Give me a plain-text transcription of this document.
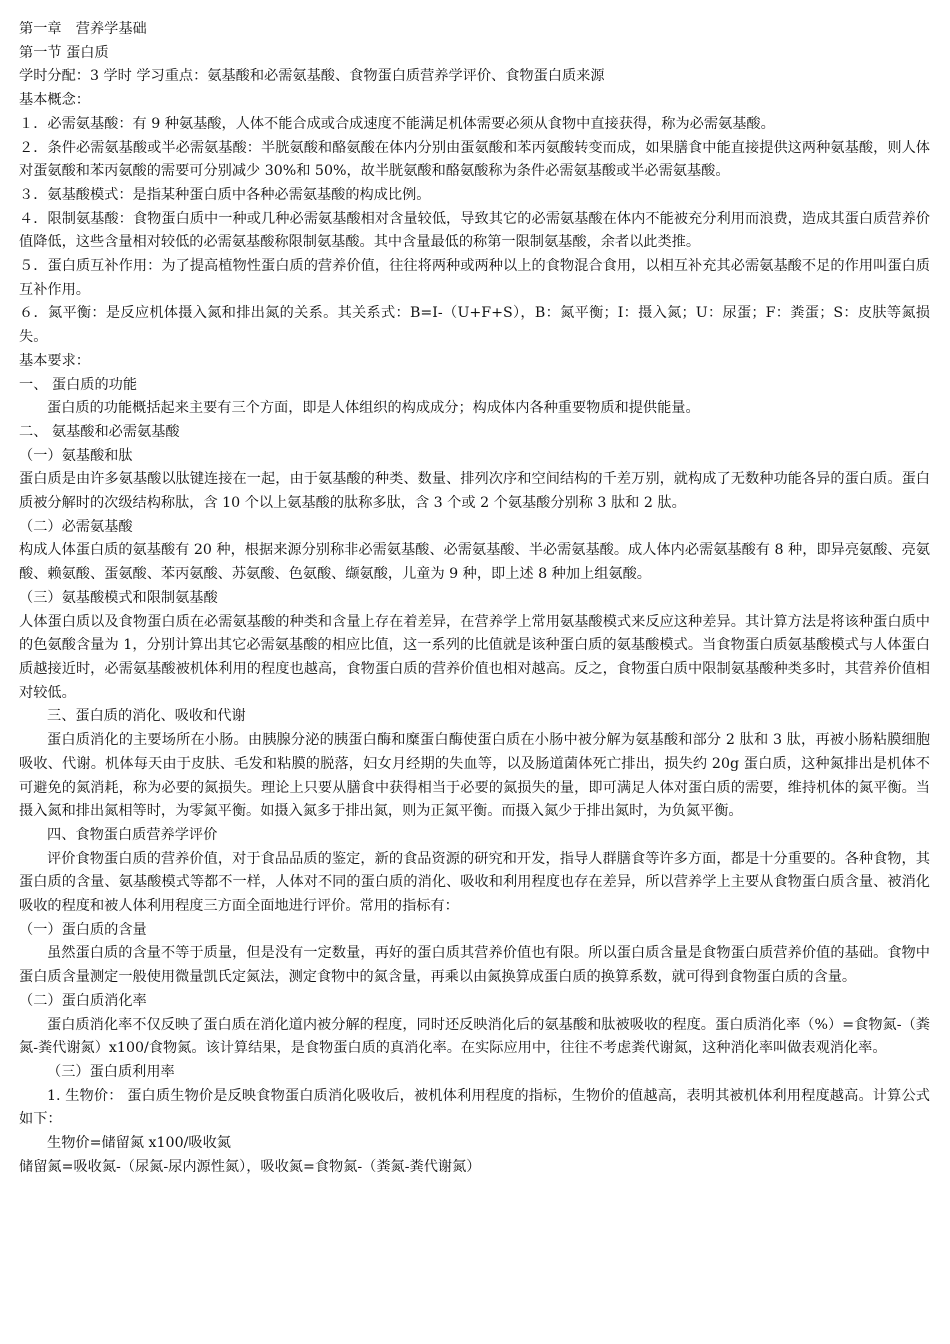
第一章　营养学基础
第一节 蛋白质
学时分配：3 学时 学习重点：氨基酸和必需氨基酸、食物蛋白质营养学评价、食物蛋白质来源
基本概念：
１．必需氨基酸：有 9 种氨基酸，人体不能合成或合成速度不能满足机体需要必须从食物中直接获得，称为必需氨基酸。
２．条件必需氨基酸或半必需氨基酸：半胱氨酸和酪氨酸在体内分别由蛋氨酸和苯丙氨酸转变而成，如果膳食中能直接提供这两种氨基酸，则人体对蛋氨酸和苯丙氨酸的需要可分别减少 30%和 50%，故半胱氨酸和酪氨酸称为条件必需氨基酸或半必需氨基酸。
３．氨基酸模式：是指某种蛋白质中各种必需氨基酸的构成比例。
４．限制氨基酸：食物蛋白质中一种或几种必需氨基酸相对含量较低，导致其它的必需氨基酸在体内不能被充分利用而浪费，造成其蛋白质营养价值降低，这些含量相对较低的必需氨基酸称限制氨基酸。其中含量最低的称第一限制氨基酸，余者以此类推。
５．蛋白质互补作用：为了提高植物性蛋白质的营养价值，往往将两种或两种以上的食物混合食用，以相互补充其必需氨基酸不足的作用叫蛋白质互补作用。
６．氮平衡：是反应机体摄入氮和排出氮的关系。其关系式：B=I-（U+F+S），B：氮平衡；I：摄入氮；U：尿蛋；F：粪蛋；S：皮肤等氮损失。
基本要求：
一、 蛋白质的功能
蛋白质的功能概括起来主要有三个方面，即是人体组织的构成成分；构成体内各种重要物质和提供能量。
二、 氨基酸和必需氨基酸
（一）氨基酸和肽
蛋白质是由许多氨基酸以肽键连接在一起，由于氨基酸的种类、数量、排列次序和空间结构的千差万别，就构成了无数种功能各异的蛋白质。蛋白质被分解时的次级结构称肽，含 10 个以上氨基酸的肽称多肽，含 3 个或 2 个氨基酸分别称 3 肽和 2 肽。
（二）必需氨基酸
构成人体蛋白质的氨基酸有 20 种，根据来源分别称非必需氨基酸、必需氨基酸、半必需氨基酸。成人体内必需氨基酸有 8 种，即异亮氨酸、亮氨酸、赖氨酸、蛋氨酸、苯丙氨酸、苏氨酸、色氨酸、缬氨酸，儿童为 9 种，即上述 8 种加上组氨酸。
（三）氨基酸模式和限制氨基酸
人体蛋白质以及食物蛋白质在必需氨基酸的种类和含量上存在着差异，在营养学上常用氨基酸模式来反应这种差异。其计算方法是将该种蛋白质中的色氨酸含量为 1，分别计算出其它必需氨基酸的相应比值，这一系列的比值就是该种蛋白质的氨基酸模式。当食物蛋白质氨基酸模式与人体蛋白质越接近时，必需氨基酸被机体利用的程度也越高，食物蛋白质的营养价值也相对越高。反之，食物蛋白质中限制氨基酸种类多时，其营养价值相对较低。
三、蛋白质的消化、吸收和代谢
蛋白质消化的主要场所在小肠。由胰腺分泌的胰蛋白酶和糜蛋白酶使蛋白质在小肠中被分解为氨基酸和部分 2 肽和 3 肽，再被小肠粘膜细胞吸收、代谢。机体每天由于皮肤、毛发和粘膜的脱落，妇女月经期的失血等，以及肠道菌体死亡排出，损失约 20g 蛋白质，这种氮排出是机体不可避免的氮消耗，称为必要的氮损失。理论上只要从膳食中获得相当于必要的氮损失的量，即可满足人体对蛋白质的需要，维持机体的氮平衡。当摄入氮和排出氮相等时，为零氮平衡。如摄入氮多于排出氮，则为正氮平衡。而摄入氮少于排出氮时，为负氮平衡。
四、食物蛋白质营养学评价
评价食物蛋白质的营养价值，对于食品品质的鉴定，新的食品资源的研究和开发，指导人群膳食等许多方面，都是十分重要的。各种食物，其蛋白质的含量、氨基酸模式等都不一样，人体对不同的蛋白质的消化、吸收和利用程度也存在差异，所以营养学上主要从食物蛋白质含量、被消化吸收的程度和被人体利用程度三方面全面地进行评价。常用的指标有：
（一）蛋白质的含量
虽然蛋白质的含量不等于质量，但是没有一定数量，再好的蛋白质其营养价值也有限。所以蛋白质含量是食物蛋白质营养价值的基础。食物中蛋白质含量测定一般使用微量凯氏定氮法，测定食物中的氮含量，再乘以由氮换算成蛋白质的换算系数，就可得到食物蛋白质的含量。
（二）蛋白质消化率
蛋白质消化率不仅反映了蛋白质在消化道内被分解的程度，同时还反映消化后的氨基酸和肽被吸收的程度。蛋白质消化率（%）=食物氮-（粪氮-粪代谢氮）x100/食物氮。该计算结果，是食物蛋白质的真消化率。在实际应用中，往往不考虑粪代谢氮，这种消化率叫做表观消化率。
（三）蛋白质利用率
1. 生物价： 蛋白质生物价是反映食物蛋白质消化吸收后，被机体利用程度的指标，生物价的值越高，表明其被机体利用程度越高。计算公式如下：
生物价=储留氮 x100/吸收氮
储留氮=吸收氮-（尿氮-尿内源性氮），吸收氮=食物氮-（粪氮-粪代谢氮）
